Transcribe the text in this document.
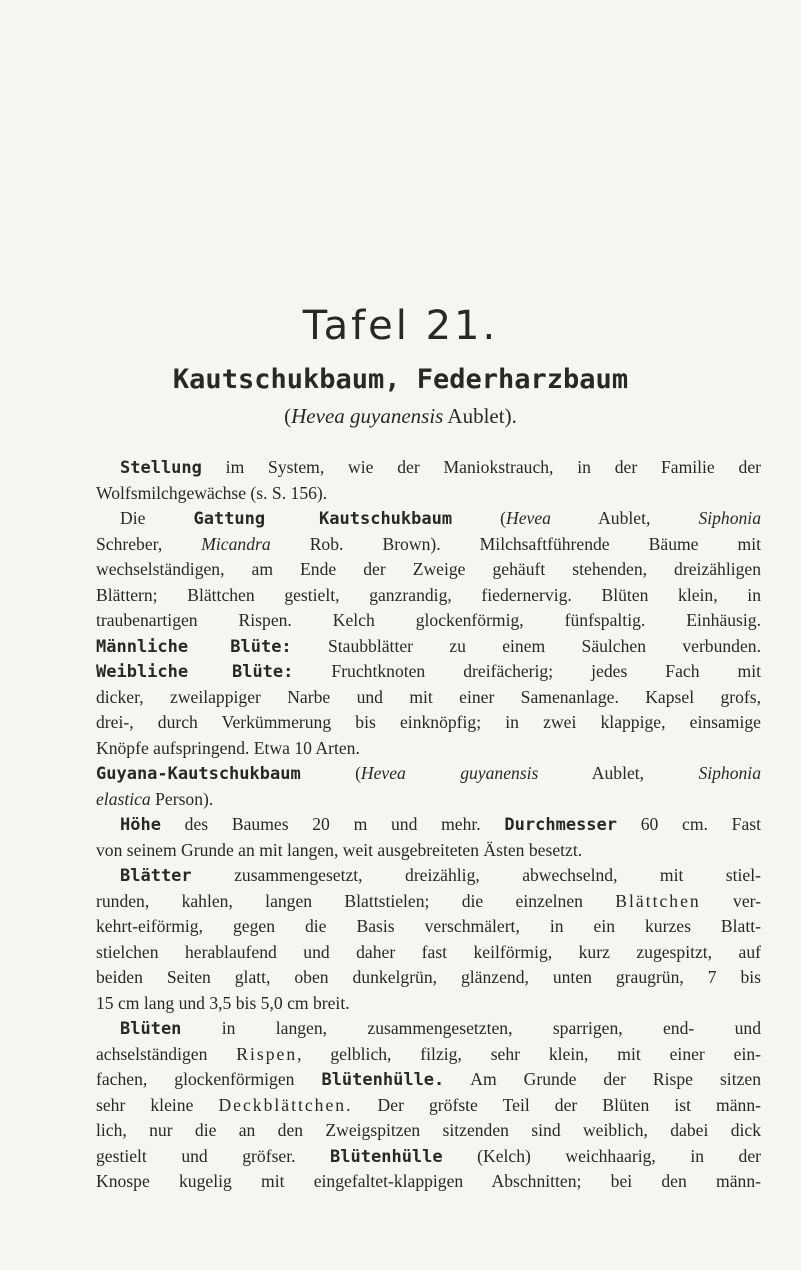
Tafel 21.
Kautschukbaum, Federharzbaum
(Hevea guyanensis Aublet).
Stellung im System, wie der Maniokstrauch, in der Familie der
Wolfsmilchgewächse (s. S. 156).
Die Gattung Kautschukbaum (Hevea Aublet, Siphonia
Schreber, Micandra Rob. Brown). Milchsaftführende Bäume mit
wechselständigen, am Ende der Zweige gehäuft stehenden, dreizähligen
Blättern; Blättchen gestielt, ganzrandig, fiedernervig. Blüten klein, in
traubenartigen Rispen. Kelch glockenförmig, fünfspaltig. Einhäusig.
Männliche Blüte: Staubblätter zu einem Säulchen verbunden.
Weibliche Blüte: Fruchtknoten dreifächerig; jedes Fach mit
dicker, zweilappiger Narbe und mit einer Samenanlage. Kapsel grofs,
drei-, durch Verkümmerung bis einknöpfig; in zwei klappige, einsamige
Knöpfe aufspringend. Etwa 10 Arten.
Guyana-Kautschukbaum (Hevea guyanensis Aublet, Siphonia
elastica Person).
Höhe des Baumes 20 m und mehr. Durchmesser 60 cm. Fast
von seinem Grunde an mit langen, weit ausgebreiteten Ästen besetzt.
Blätter zusammengesetzt, dreizählig, abwechselnd, mit stiel-
runden, kahlen, langen Blattstielen; die einzelnen Blättchen ver-
kehrt-eiförmig, gegen die Basis verschmälert, in ein kurzes Blatt-
stielchen herablaufend und daher fast keilförmig, kurz zugespitzt, auf
beiden Seiten glatt, oben dunkelgrün, glänzend, unten graugrün, 7 bis
15 cm lang und 3,5 bis 5,0 cm breit.
Blüten in langen, zusammengesetzten, sparrigen, end- und
achselständigen Rispen, gelblich, filzig, sehr klein, mit einer ein-
fachen, glockenförmigen Blütenhülle. Am Grunde der Rispe sitzen
sehr kleine Deckblättchen. Der gröfste Teil der Blüten ist männ-
lich, nur die an den Zweigspitzen sitzenden sind weiblich, dabei dick
gestielt und gröfser. Blütenhülle (Kelch) weichhaarig, in der
Knospe kugelig mit eingefaltet-klappigen Abschnitten; bei den männ-
